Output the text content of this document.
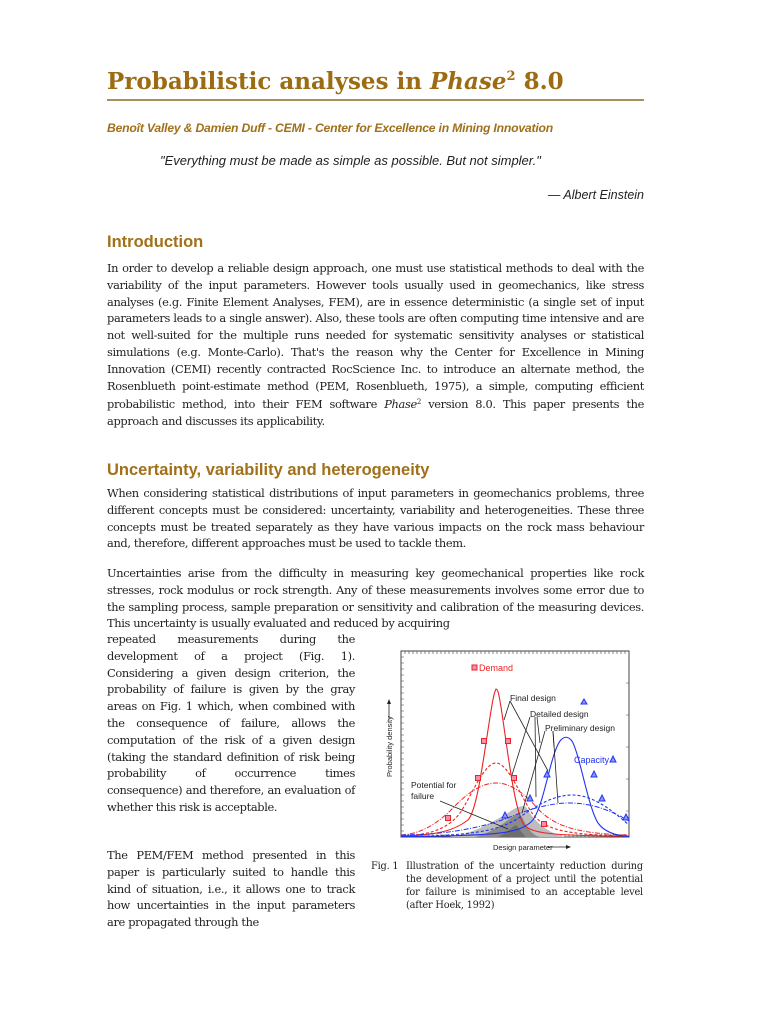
Probabilistic analyses in Phase$^2$ 8.0
Benoît Valley & Damien Duff - CEMI - Center for Excellence in Mining Innovation
"Everything must be made as simple as possible. But not simpler."
— Albert Einstein
Introduction

In order to develop a reliable design approach, one must use statistical methods to deal with the variability of the input parameters. However tools usually used in geomechanics, like stress analyses (e.g. Finite Element Analyses, FEM), are in essence deterministic (a single set of input parameters leads to a single answer). Also, these tools are often computing time intensive and are not well-suited for the multiple runs needed for systematic sensitivity analyses or statistical simulations (e.g. Monte-Carlo). That's the reason why the Center for Excellence in Mining Innovation (CEMI) recently contracted RocScience Inc. to introduce an alternate method, the Rosenblueth point-estimate method (PEM, Rosenblueth, 1975), a simple, computing efficient probabilistic method, into their FEM software Phase$^2$ version 8.0. This paper presents the approach and discusses its applicability.

Uncertainty, variability and heterogeneity

When considering statistical distributions of input parameters in geomechanics problems, three different concepts must be considered: uncertainty, variability and heterogeneities. These three concepts must be treated separately as they have various impacts on the rock mass behaviour and, therefore, different approaches must be used to tackle them.

Uncertainties arise from the difficulty in measuring key geomechanical properties like rock stresses, rock modulus or rock strength. Any of these measurements involves some error due to the sampling process, sample preparation or sensitivity and calibration of the measuring devices. This uncertainty is usually evaluated and reduced by acquiring

repeated measurements during the development of a project (Fig. 1). Considering a given design criterion, the probability of failure is given by the gray areas on Fig. 1 which, when combined with the consequence of failure, allows the computation of the risk of a given design (taking the standard definition of risk being probability of occurrence times consequence) and therefore, an evaluation of whether this risk is acceptable.

The PEM/FEM method presented in this paper is particularly suited to handle this kind of situation, i.e., it allows one to track how uncertainties in the input parameters are propagated through the

Demand
Final design
Detailed design
Preliminary design
Capacity
Potential for
failure
Design parameter
Probability density
Fig. 1 Illustration of the uncertainty reduction during the development of a project until the potential for failure is minimised to an acceptable level (after Hoek, 1992)
